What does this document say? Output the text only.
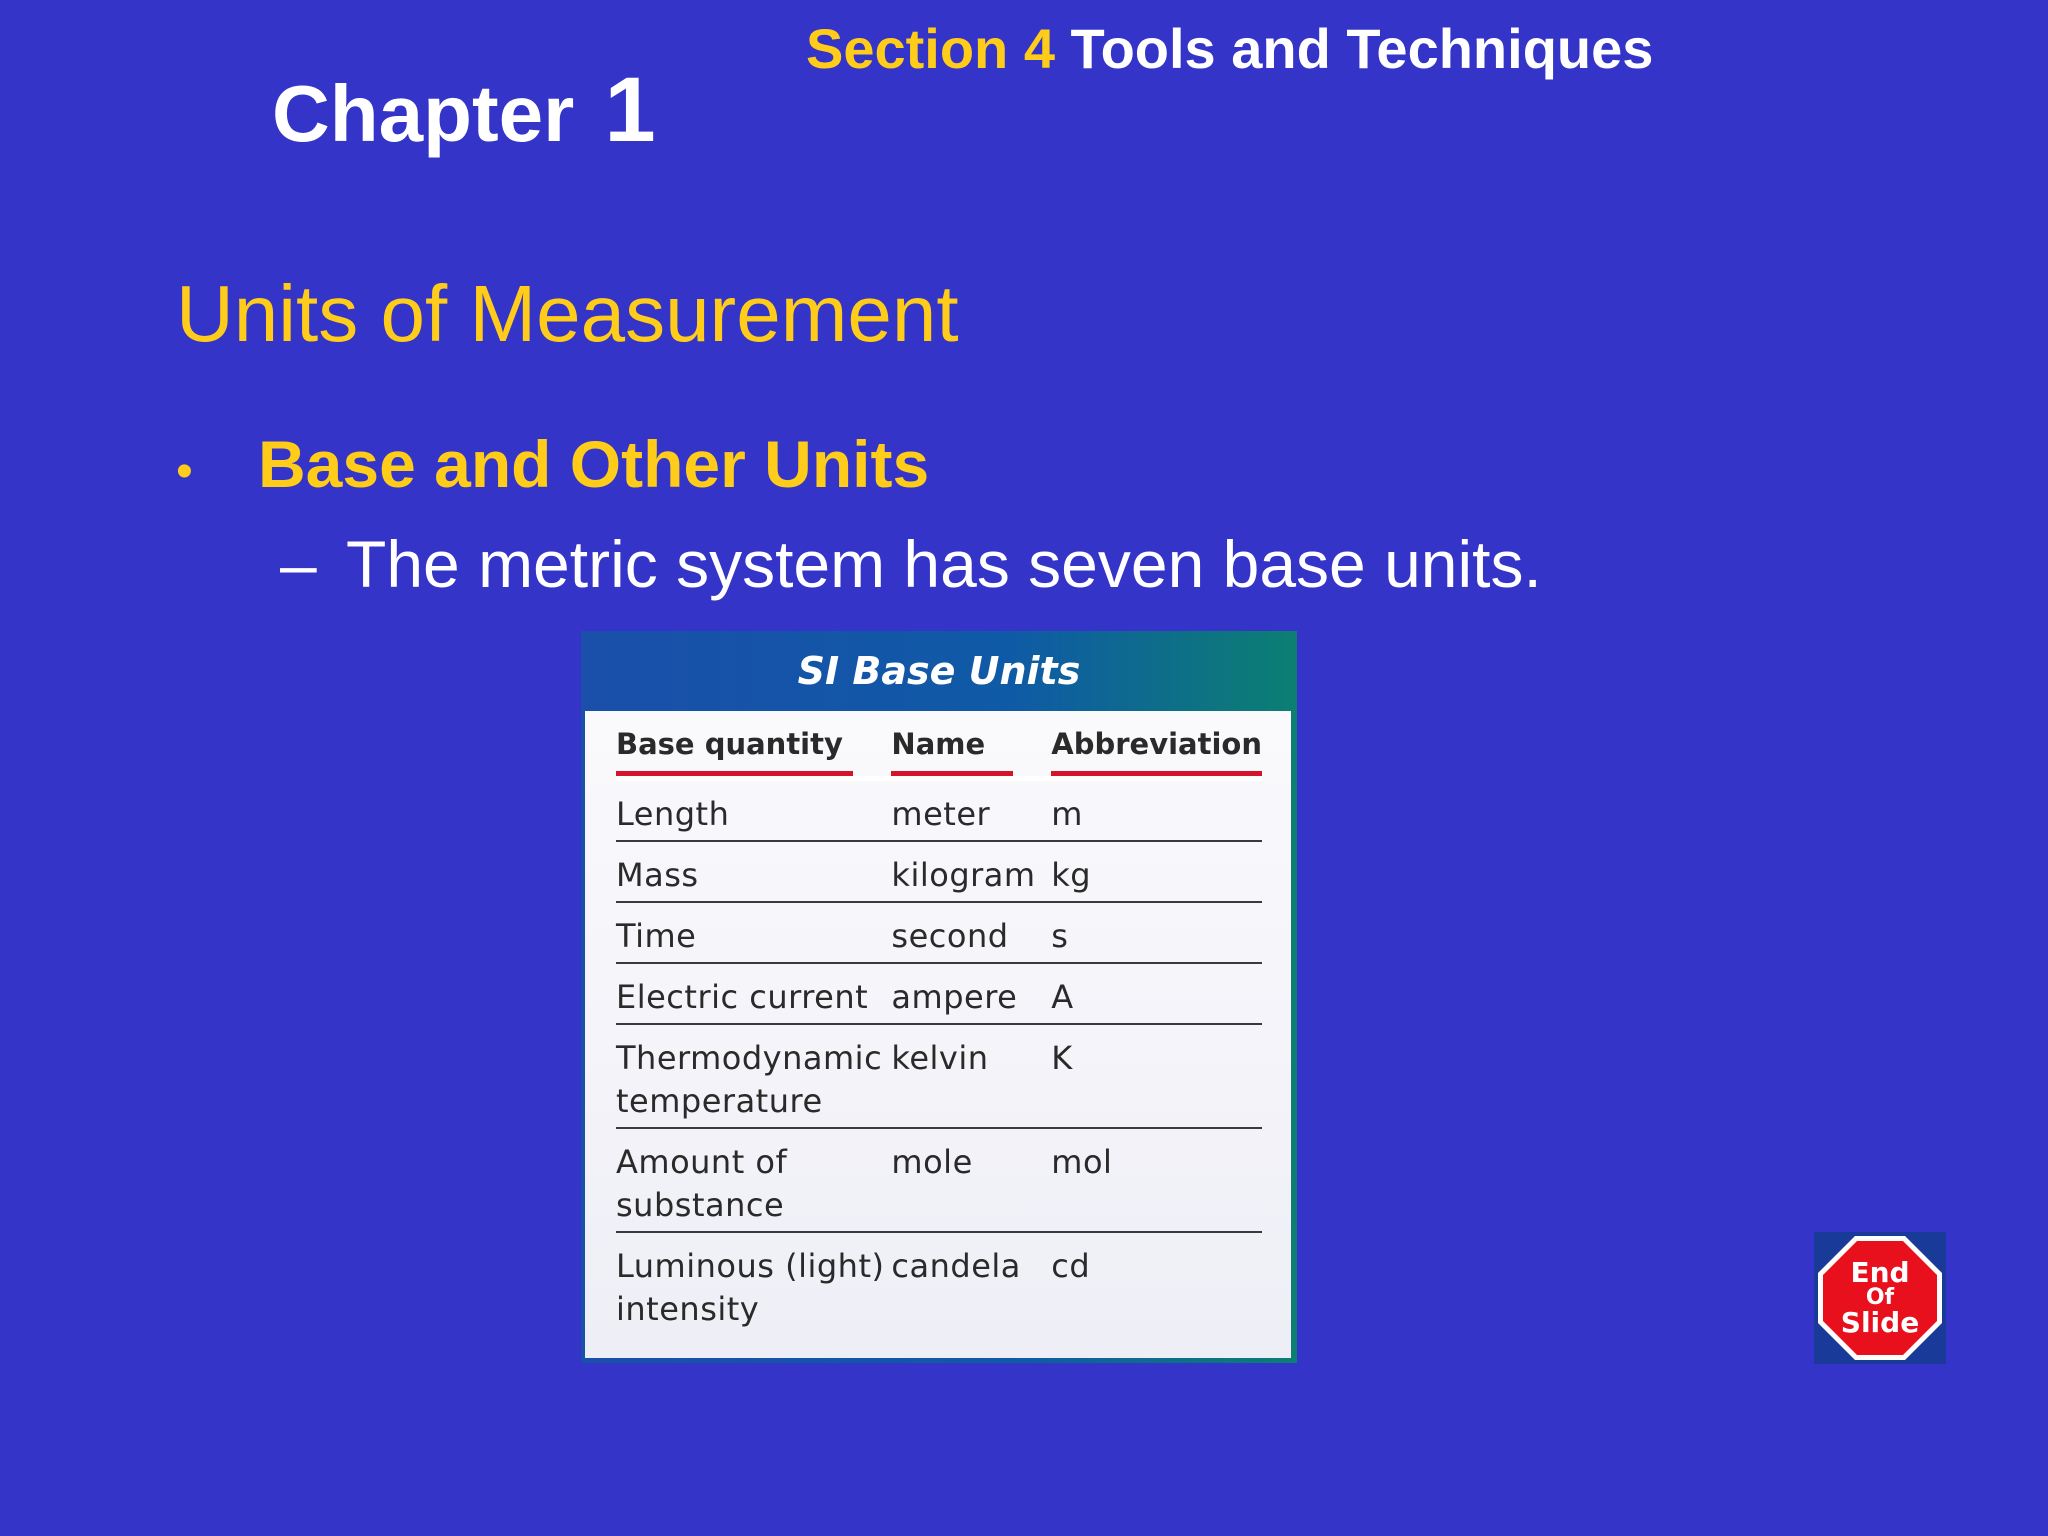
Section 4 Tools and Techniques
Chapter 1
Units of Measurement
• Base and Other Units
– The metric system has seven base units.
SI Base Units
Base quantity	Name	Abbreviation
Length	meter	m
Mass	kilogram	kg
Time	second	s
Electric current	ampere	A
Thermodynamic temperature	kelvin	K
Amount of substance	mole	mol
Luminous (light) intensity	candela	cd	End
Of
Slide
